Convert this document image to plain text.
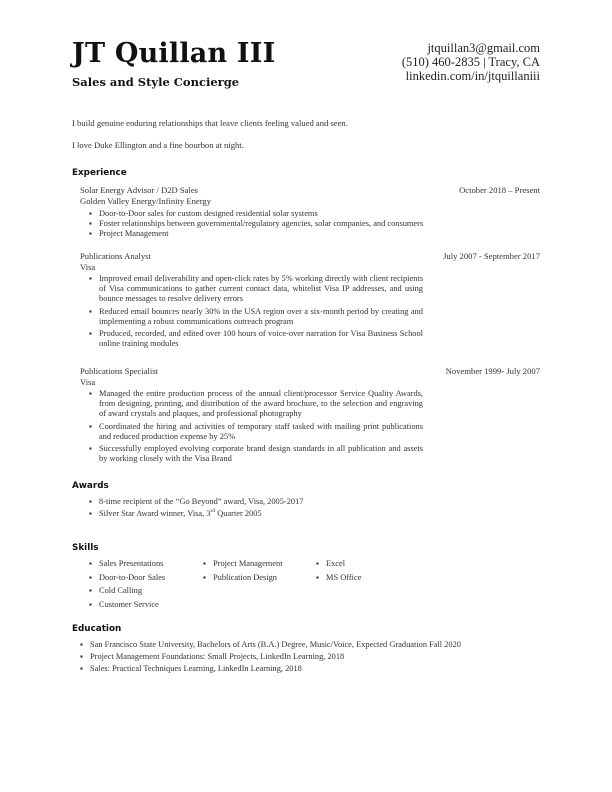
JT Quillan III
Sales and Style Concierge
jtquillan3@gmail.com
(510) 460-2835 | Tracy, CA
linkedin.com/in/jtquillaniii
I build genuine enduring relationships that leave clients feeling valued and seen.
I love Duke Ellington and a fine bourbon at night.
Experience
Solar Energy Advisor / D2D Sales
Golden Valley Energy/Infinity Energy
October 2018 – Present
▪ Door-to-Door sales for custom designed residential solar systems
▪ Foster relationships between governmental/regulatory agencies, solar companies, and consumers
▪ Project Management
Publications Analyst
Visa
July 2007 - September 2017
▪ Improved email deliverability and open-click rates by 5% working directly with client recipients of Visa communications to gather current contact data, whitelist Visa IP addresses, and using bounce messages to resolve delivery errors
▪ Reduced email bounces nearly 30% in the USA region over a six-month period by creating and implementing a robust communications outreach program
▪ Produced, recorded, and edited over 100 hours of voice-over narration for Visa Business School online training modules
Publications Specialist
Visa
November 1999- July 2007
▪ Managed the entire production process of the annual client/processor Service Quality Awards, from designing, printing, and distribution of the award brochure, to the selection and engraving of award crystals and plaques, and professional photography
▪ Coordinated the hiring and activities of temporary staff tasked with mailing print publications and reduced production expense by 25%
▪ Successfully employed evolving corporate brand design standards in all publication and assets by working closely with the Visa Brand
Awards
▪ 8-time recipient of the “Go Beyond” award, Visa, 2005-2017
▪ Silver Star Award winner, Visa, 3rd Quarter 2005
Skills
▪ Sales Presentations
▪ Door-to-Door Sales
▪ Cold Calling
▪ Customer Service
▪ Project Management
▪ Publication Design
▪ Excel
▪ MS Office
Education
▪ San Francisco State University, Bachelors of Arts (B.A.) Degree, Music/Voice, Expected Graduation Fall 2020
▪ Project Management Foundations: Small Projects, LinkedIn Learning, 2018
▪ Sales: Practical Techniques Learning, LinkedIn Learning, 2018
